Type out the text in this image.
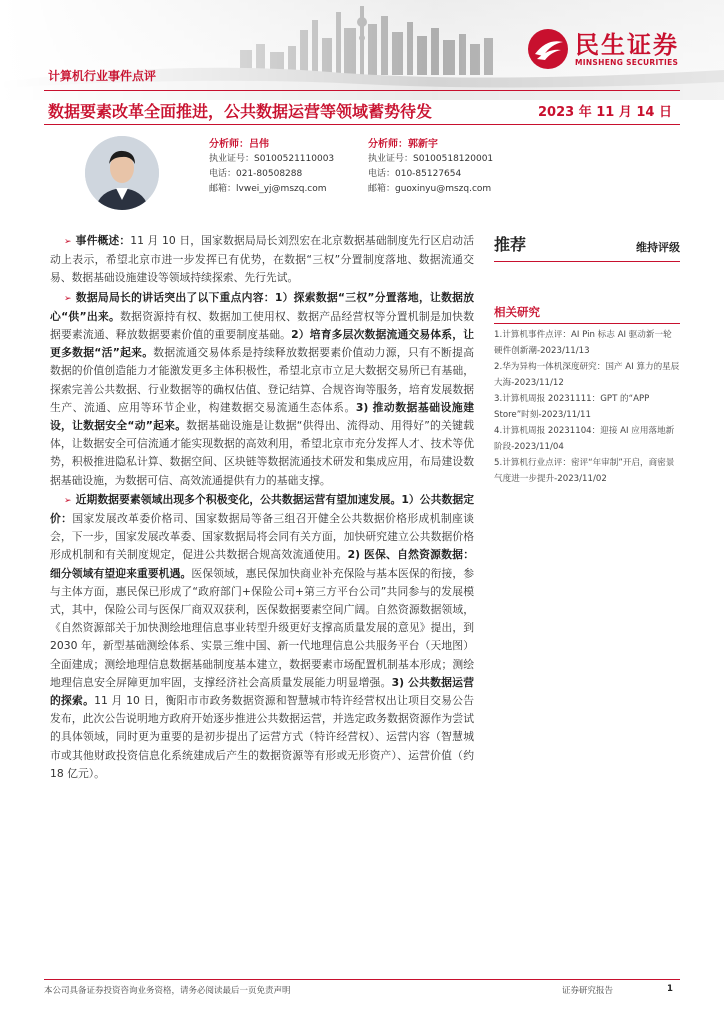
民生证券
MINSHENG SECURITIES
计算机行业事件点评
数据要素改革全面推进，公共数据运营等领域蓄势待发	2023 年 11 月 14 日
分析师：吕伟
执业证号：S0100521110003
电话：021-80508288
邮箱：lvwei_yj@mszq.com
分析师：郭新宇
执业证号：S0100518120001
电话：010-85127654
邮箱：guoxinyu@mszq.com

➢ 事件概述：11 月 10 日，国家数据局局长刘烈宏在北京数据基础制度先行区启动活动上表示，希望北京市进一步发挥已有优势，在数据“三权”分置制度落地、数据流通交易、数据基础设施建设等领域持续探索、先行先试。

➢ 数据局局长的讲话突出了以下重点内容：1）探索数据“三权”分置落地，让数据放心“供”出来。数据资源持有权、数据加工使用权、数据产品经营权等分置机制是加快数据要素流通、释放数据要素价值的重要制度基础。2）培育多层次数据流通交易体系，让更多数据“活”起来。数据流通交易体系是持续释放数据要素价值动力源，只有不断提高数据的价值创造能力才能激发更多主体积极性，希望北京市立足大数据交易所已有基础，探索完善公共数据、行业数据等的确权估值、登记结算、合规咨询等服务，培育发展数据生产、流通、应用等环节企业，构建数据交易流通生态体系。3) 推动数据基础设施建设，让数据安全“动”起来。数据基础设施是让数据“供得出、流得动、用得好”的关键载体，让数据安全可信流通才能实现数据的高效利用，希望北京市充分发挥人才、技术等优势，积极推进隐私计算、数据空间、区块链等数据流通技术研发和集成应用，布局建设数据基础设施，为数据可信、高效流通提供有力的基础支撑。

➢ 近期数据要素领域出现多个积极变化，公共数据运营有望加速发展。1）公共数据定价：国家发展改革委价格司、国家数据局等备三组召开健全公共数据价格形成机制座谈会，下一步，国家发展改革委、国家数据局将会同有关方面，加快研究建立公共数据价格形成机制和有关制度规定，促进公共数据合规高效流通使用。2) 医保、自然资源数据：细分领域有望迎来重要机遇。医保领域，惠民保加快商业补充保险与基本医保的衔接，参与主体方面，惠民保已形成了“政府部门+保险公司+第三方平台公司”共同参与的发展模式，其中，保险公司与医保厂商双双获利，医保数据要素空间广阔。自然资源数据领域，《自然资源部关于加快测绘地理信息事业转型升级更好支撑高质量发展的意见》提出，到 2030 年，新型基础测绘体系、实景三维中国、新一代地理信息公共服务平台（天地图）全面建成；测绘地理信息数据基础制度基本建立，数据要素市场配置机制基本形成；测绘地理信息安全屏障更加牢固，支撑经济社会高质量发展能力明显增强。3) 公共数据运营的探索。11 月 10 日，衡阳市市政务数据资源和智慧城市特许经营权出让项目交易公告发布，此次公告说明地方政府开始逐步推进公共数据运营，并选定政务数据资源作为尝试的具体领域，同时更为重要的是初步提出了运营方式（特许经营权）、运营内容（智慧城市或其他财政投资信息化系统建成后产生的数据资源等有形或无形资产）、运营价值（约 18 亿元）。

推荐	维持评级
相关研究
1.计算机事件点评：AI Pin 标志 AI 驱动新一轮硬件创新潮-2023/11/13
2.华为异构一体机深度研究：国产 AI 算力的星辰大海-2023/11/12
3.计算机周报 20231111：GPT 的“APP Store”时刻-2023/11/11
4.计算机周报 20231104：迎接 AI 应用落地新阶段-2023/11/04
5.计算机行业点评：密评“年审制”开启，商密景气度进一步提升-2023/11/02
本公司具备证券投资咨询业务资格，请务必阅读最后一页免责声明	证券研究报告	1
